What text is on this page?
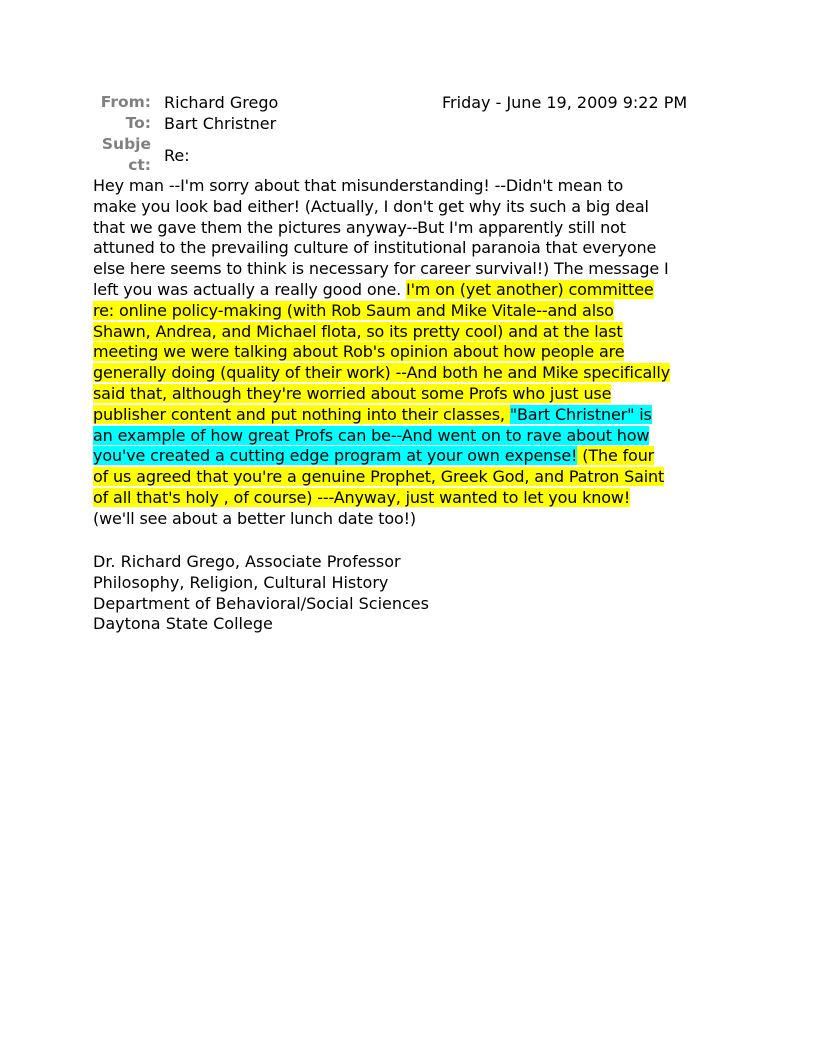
From: Richard Grego	Friday - June 19, 2009 9:22 PM
To: Bart Christner
Subje
ct: Re:
Hey man --I'm sorry about that misunderstanding! --Didn't mean to make you look bad either! (Actually, I don't get why its such a big deal that we gave them the pictures anyway--But I'm apparently still not attuned to the prevailing culture of institutional paranoia that everyone else here seems to think is necessary for career survival!) The message I left you was actually a really good one. I'm on (yet another) committee re: online policy-making (with Rob Saum and Mike Vitale--and also Shawn, Andrea, and Michael flota, so its pretty cool) and at the last meeting we were talking about Rob's opinion about how people are generally doing (quality of their work) --And both he and Mike specifically said that, although they're worried about some Profs who just use publisher content and put nothing into their classes, "Bart Christner" is an example of how great Profs can be--And went on to rave about how you've created a cutting edge program at your own expense! (The four of us agreed that you're a genuine Prophet, Greek God, and Patron Saint of all that's holy , of course) ---Anyway, just wanted to let you know! (we'll see about a better lunch date too!)
Dr. Richard Grego, Associate Professor
Philosophy, Religion, Cultural History
Department of Behavioral/Social Sciences
Daytona State College
